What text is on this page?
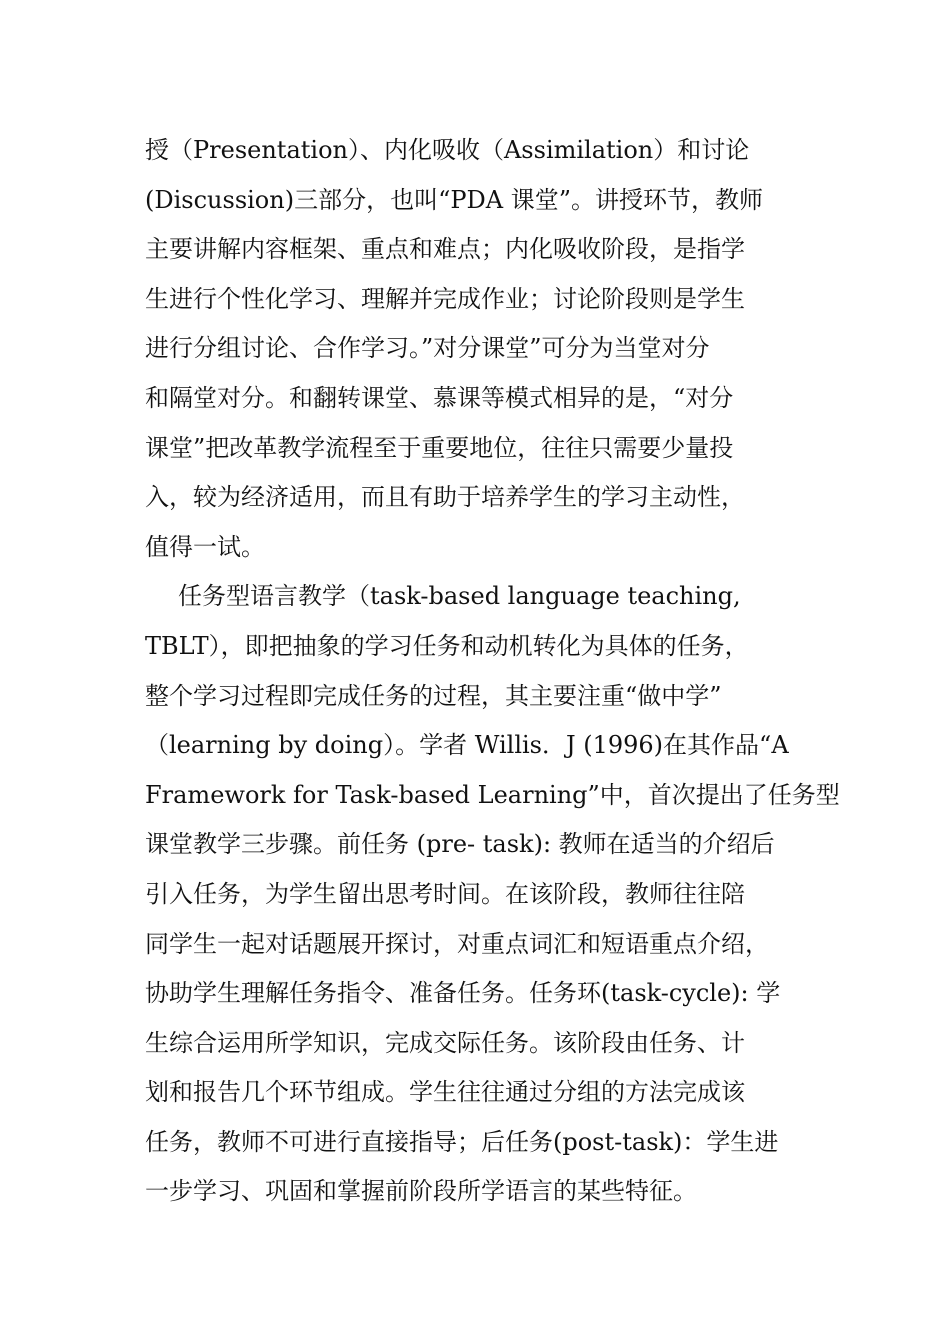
授（Presentation）、内化吸收（Assimilation）和讨论
(Discussion)三部分，也叫“PDA 课堂”。讲授环节，教师
主要讲解内容框架、重点和难点；内化吸收阶段，是指学
生进行个性化学习、理解并完成作业；讨论阶段则是学生
进行分组讨论、合作学习。”对分课堂”可分为当堂对分
和隔堂对分。和翻转课堂、慕课等模式相异的是，“对分
课堂”把改革教学流程至于重要地位，往往只需要少量投
入，较为经济适用，而且有助于培养学生的学习主动性，
值得一试。
任务型语言教学（task-based language teaching,
TBLT），即把抽象的学习任务和动机转化为具体的任务，
整个学习过程即完成任务的过程，其主要注重“做中学”
（learning by doing）。学者 Willis．J (1996)在其作品“A
Framework for Task-based Learning”中，首次提出了任务型
课堂教学三步骤。前任务 (pre- task): 教师在适当的介绍后
引入任务，为学生留出思考时间。在该阶段，教师往往陪
同学生一起对话题展开探讨，对重点词汇和短语重点介绍，
协助学生理解任务指令、准备任务。任务环(task-cycle): 学
生综合运用所学知识，完成交际任务。该阶段由任务、计
划和报告几个环节组成。学生往往通过分组的方法完成该
任务，教师不可进行直接指导；后任务(post-task)：学生进
一步学习、巩固和掌握前阶段所学语言的某些特征。
